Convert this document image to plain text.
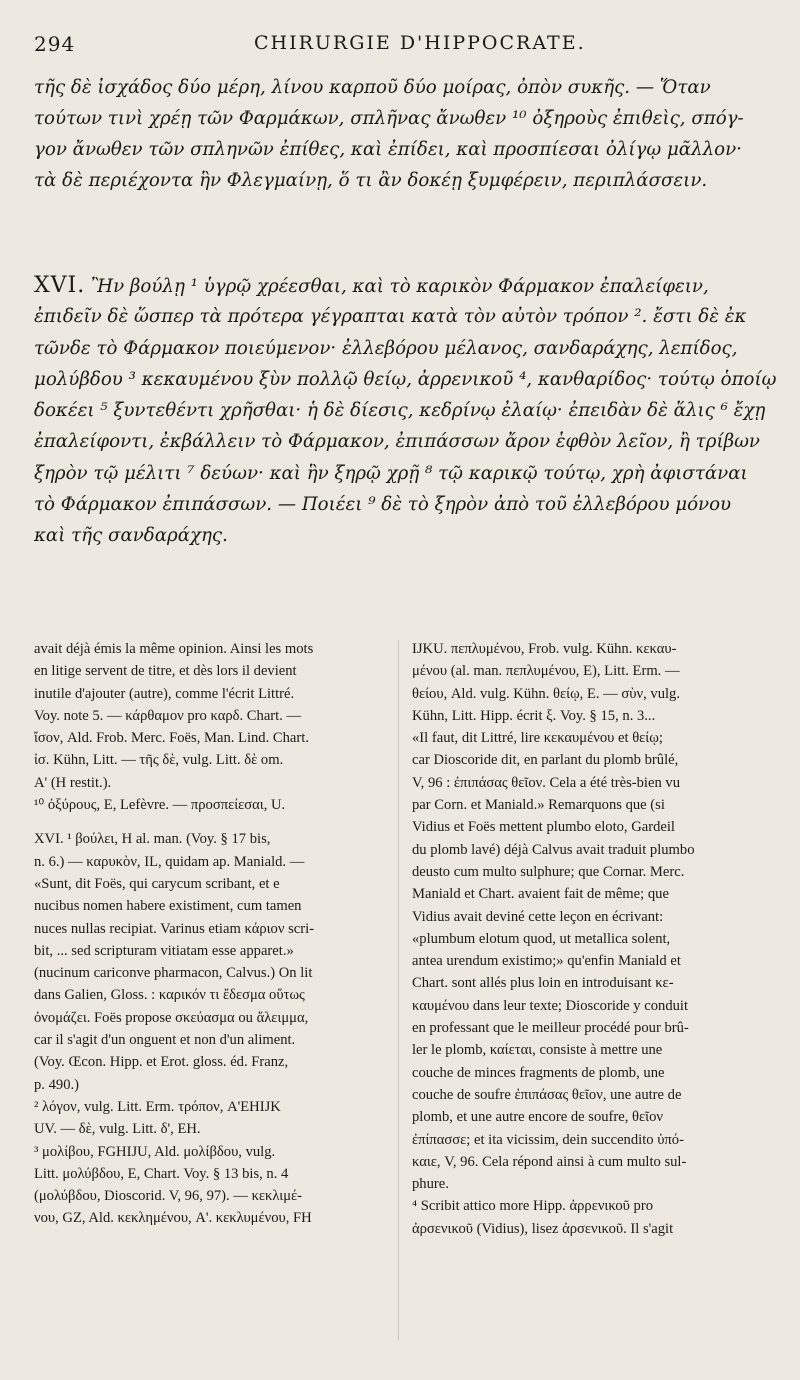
294	CHIRURGIE D'HIPPOCRATE.
τῆς δὲ ἰσχάδος δύο μέρη, λίνου καρποῦ δύο μοίρας, ὀπὸν συκῆς. — Ὅταν
τούτων τινὶ χρέῃ τῶν Φαρμάκων, σπλῆνας ἄνωθεν ¹⁰ ὀξηροὺς ἐπιθεὶς, σπόγ-
γον ἄνωθεν τῶν σπληνῶν ἐπίθες, καὶ ἐπίδει, καὶ προσπίεσαι ὀλίγῳ μᾶλλον·
τὰ δὲ περιέχοντα ἣν Φλεγμαίνῃ, ὅ τι ἂν δοκέῃ ξυμφέρειν, περιπλάσσειν.
XVI. Ἢν βούλῃ ¹ ὑγρῷ χρέεσθαι, καὶ τὸ καρικὸν Φάρμακον ἐπαλείφειν,
ἐπιδεῖν δὲ ὥσπερ τὰ πρότερα γέγραπται κατὰ τὸν αὐτὸν τρόπον ². ἔστι δὲ ἐκ
τῶνδε τὸ Φάρμακον ποιεύμενον· ἐλλεβόρου μέλανος, σανδαράχης, λεπίδος,
μολύβδου ³ κεκαυμένου ξὺν πολλῷ θείῳ, ἀρρενικοῦ ⁴, κανθαρίδος· τούτῳ ὁποίῳ
δοκέει ⁵ ξυντεθέντι χρῆσθαι· ἡ δὲ δίεσις, κεδρίνῳ ἐλαίῳ· ἐπειδὰν δὲ ἅλις ⁶ ἔχῃ
ἐπαλείφοντι, ἐκβάλλειν τὸ Φάρμακον, ἐπιπάσσων ἄρον ἑφθὸν λεῖον, ἢ τρίβων
ξηρὸν τῷ μέλιτι ⁷ δεύων· καὶ ἣν ξηρῷ χρῇ ⁸ τῷ καρικῷ τούτῳ, χρὴ ἀφιστάναι
τὸ Φάρμακον ἐπιπάσσων. — Ποιέει ⁹ δὲ τὸ ξηρὸν ἀπὸ τοῦ ἐλλεβόρου μόνου
καὶ τῆς σανδαράχης.
avait déjà émis la même opinion. Ainsi les mots
en litige servent de titre, et dès lors il devient
inutile d'ajouter (autre), comme l'écrit Littré.
Voy. note 5. — κάρθαμον pro καρδ. Chart. —
ἴσον, Ald. Frob. Merc. Foës, Man. Lind. Chart.
ἰσ. Kühn, Litt. — τῆς δὲ, vulg. Litt. δὲ om.
A' (H restit.).
¹⁰ ὀξύρους, E, Lefèvre. — προσπείεσαι, U.
XVI. ¹ βούλει, H al. man. (Voy. § 17 bis,
n. 6.) — καρυκὸν, IL, quidam ap. Maniald. —
«Sunt, dit Foës, qui carycum scribant, et e
nucibus nomen habere existiment, cum tamen
nuces nullas recipiat. Varinus etiam κάριον scri-
bit, ... sed scripturam vitiatam esse apparet.»
(nucinum cariconve pharmacon, Calvus.) On lit
dans Galien, Gloss. : καρικόν τι ἔδεσμα οὕτως
ὀνομάζει. Foës propose σκεύασμα ou ἄλειμμα,
car il s'agit d'un onguent et non d'un aliment.
(Voy. Œcon. Hipp. et Erot. gloss. éd. Franz,
p. 490.)
² λόγον, vulg. Litt. Erm. τρόπον, A'EHIJK
UV. — δὲ, vulg. Litt. δ', EH.
³ μολίβου, FGHIJU, Ald. μολίβδου, vulg.
Litt. μολύβδου, E, Chart. Voy. § 13 bis, n. 4
(μολύβδου, Dioscorid. V, 96, 97). — κεκλιμέ-
νου, GZ, Ald. κεκλημένου, A'. κεκλυμένου, FH
IJKU. πεπλυμένου, Frob. vulg. Kühn. κεκαυ-
μένου (al. man. πεπλυμένου, E), Litt. Erm. —
θείου, Ald. vulg. Kühn. θείῳ, E. — σὺν, vulg.
Kühn, Litt. Hipp. écrit ξ. Voy. § 15, n. 3...
«Il faut, dit Littré, lire κεκαυμένου et θείῳ;
car Dioscoride dit, en parlant du plomb brûlé,
V, 96 : ἐπιπάσας θεῖον. Cela a été très-bien vu
par Corn. et Maniald.» Remarquons que (si
Vidius et Foës mettent plumbo eloto, Gardeil
du plomb lavé) déjà Calvus avait traduit plumbo
deusto cum multo sulphure; que Cornar. Merc.
Maniald et Chart. avaient fait de même; que
Vidius avait deviné cette leçon en écrivant:
«plumbum elotum quod, ut metallica solent,
antea urendum existimo;» qu'enfin Maniald et
Chart. sont allés plus loin en introduisant κε-
καυμένου dans leur texte; Dioscoride y conduit
en professant que le meilleur procédé pour brû-
ler le plomb, καίεται, consiste à mettre une
couche de minces fragments de plomb, une
couche de soufre ἐπιπάσας θεῖον, une autre de
plomb, et une autre encore de soufre, θεῖον
ἐπίπασσε; et ita vicissim, dein succendito ὑπό-
καιε, V, 96. Cela répond ainsi à cum multo sul-
phure.
⁴ Scribit attico more Hipp. ἀρρενικοῦ pro
ἀρσενικοῦ (Vidius), lisez ἀρσενικοῦ. Il s'agit
